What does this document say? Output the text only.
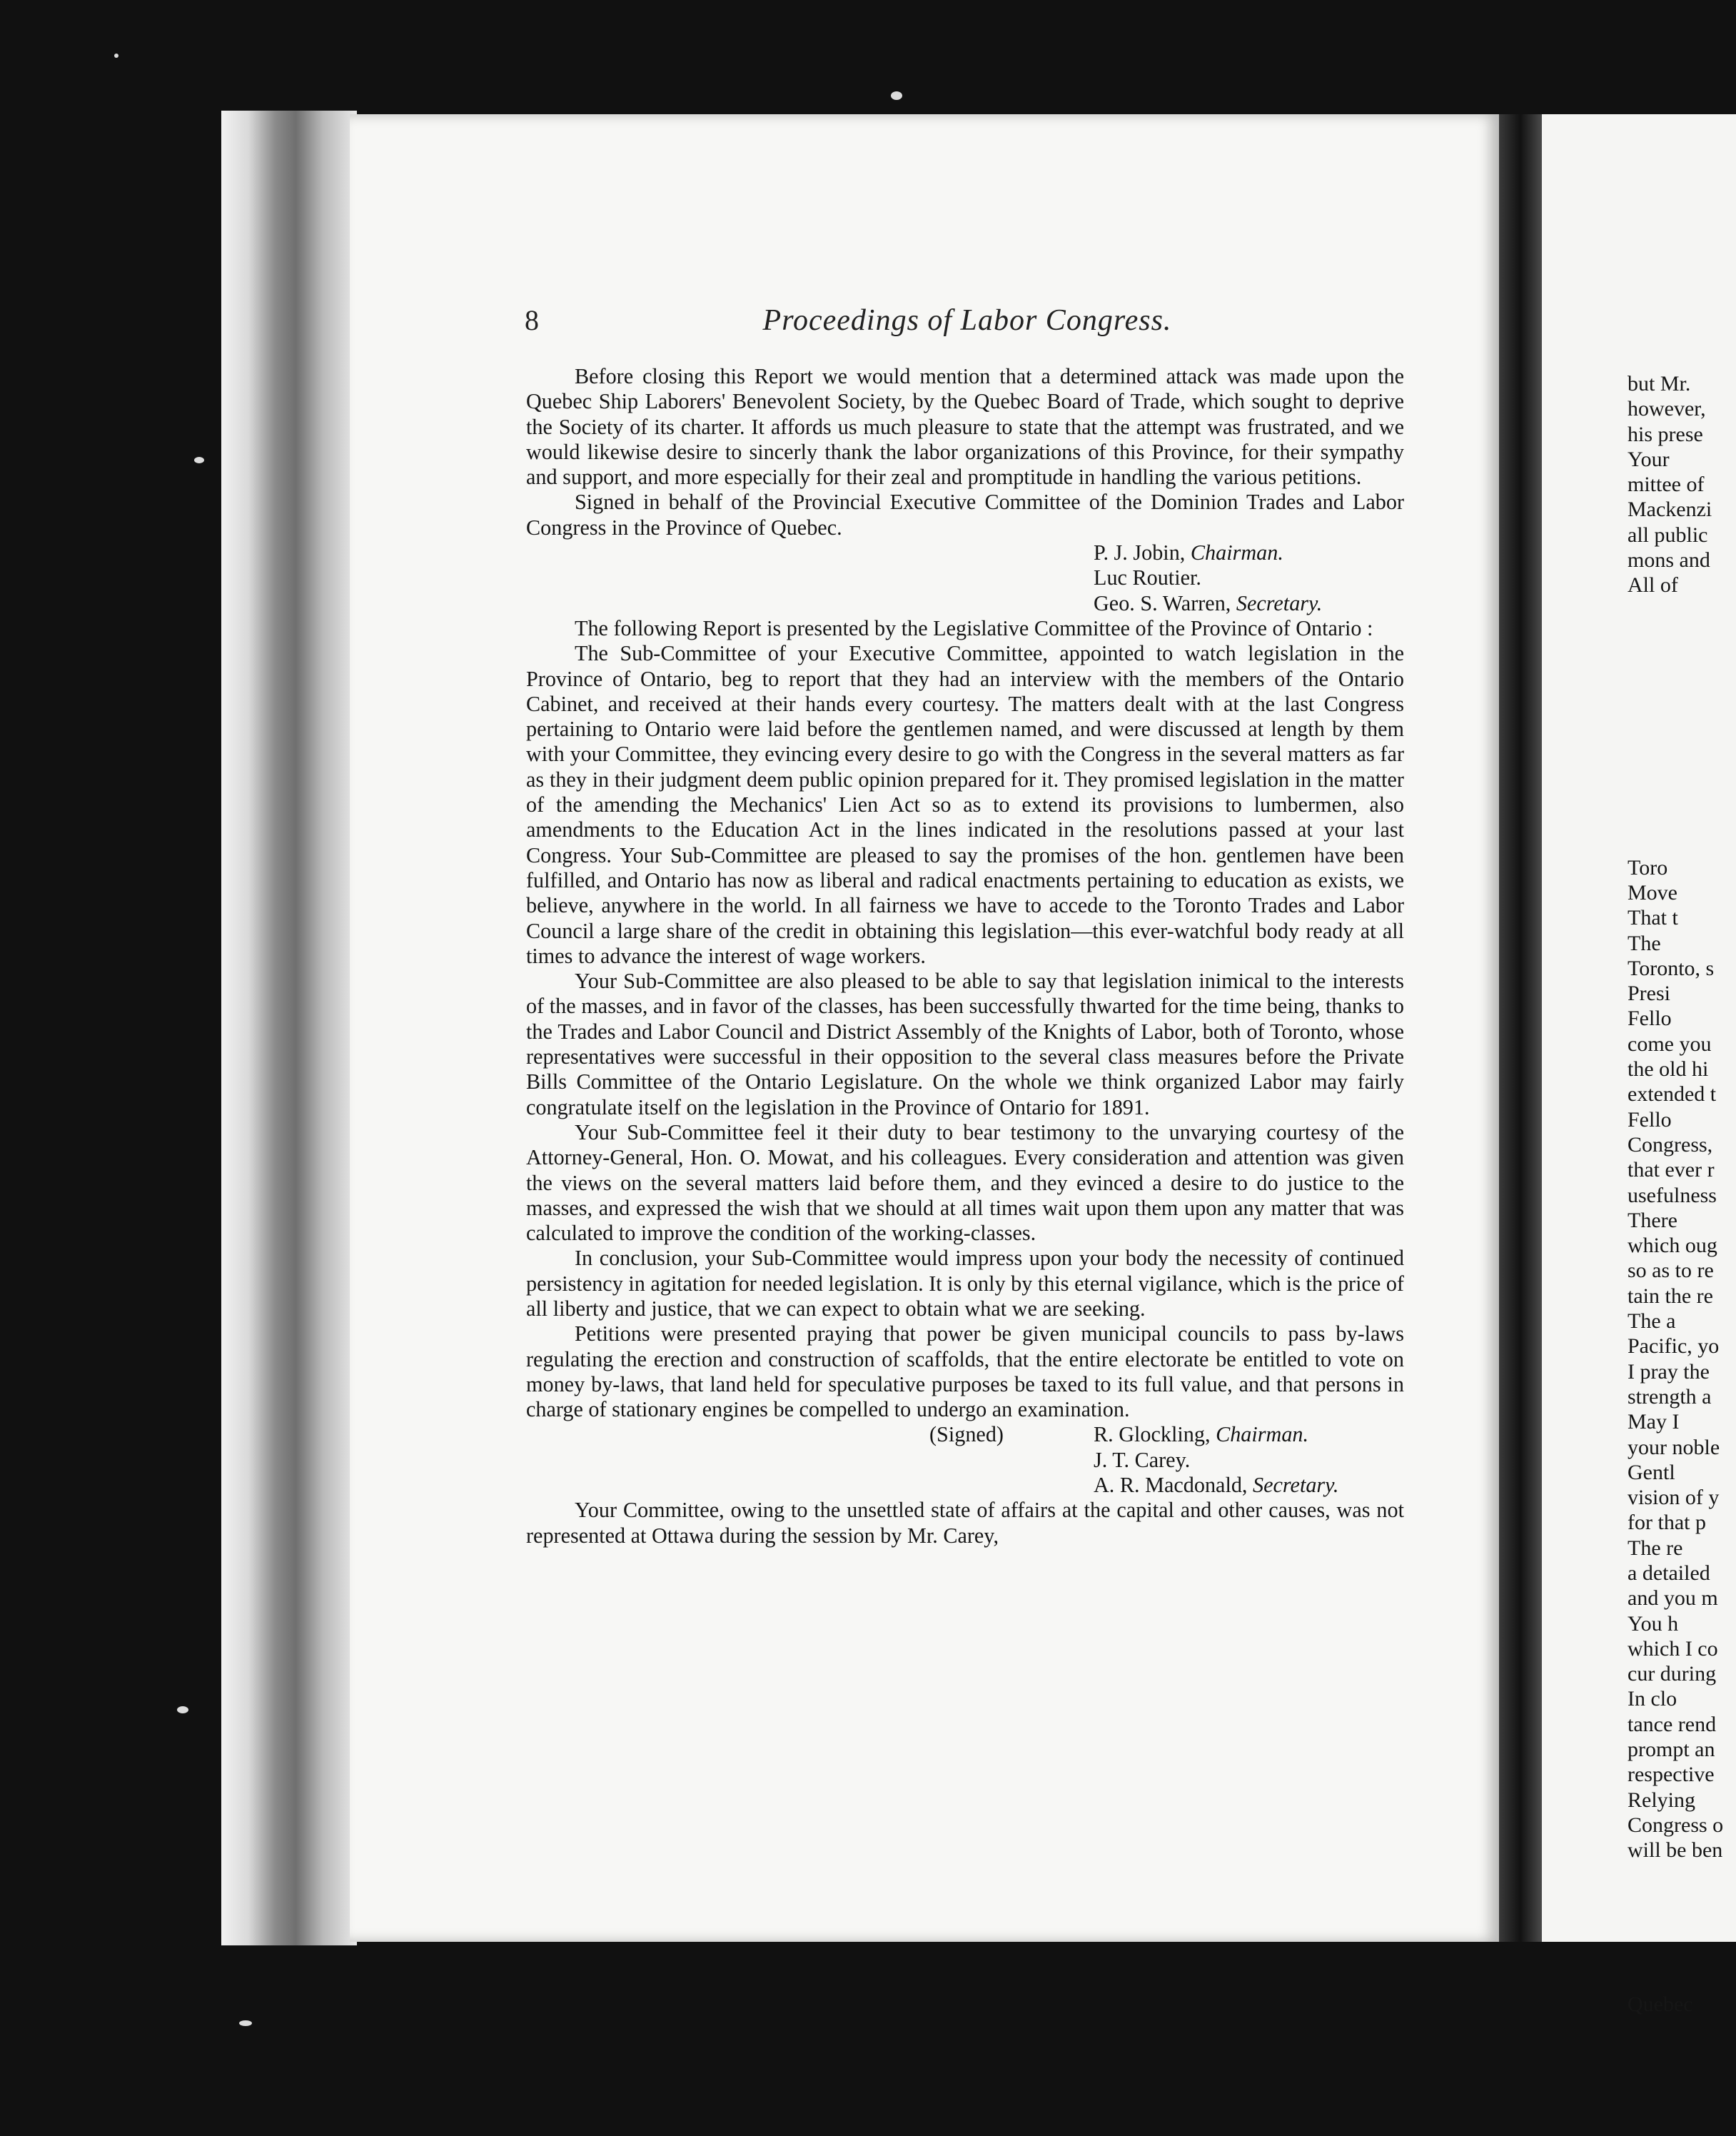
8	Proceedings of Labor Congress.

Before closing this Report we would mention that a determined attack was made upon the Quebec Ship Laborers' Benevolent Society, by the Quebec Board of Trade, which sought to deprive the Society of its charter. It affords us much pleasure to state that the attempt was frustrated, and we would likewise desire to sincerly thank the labor organizations of this Province, for their sympathy and support, and more especially for their zeal and promptitude in handling the various petitions.

Signed in behalf of the Provincial Executive Committee of the Dominion Trades and Labor Congress in the Province of Quebec.

P. J. Jobin, Chairman.
Luc Routier.
Geo. S. Warren, Secretary.

The following Report is presented by the Legislative Committee of the Province of Ontario :

The Sub-Committee of your Executive Committee, appointed to watch legislation in the Province of Ontario, beg to report that they had an interview with the members of the Ontario Cabinet, and received at their hands every courtesy. The matters dealt with at the last Congress pertaining to Ontario were laid before the gentlemen named, and were discussed at length by them with your Committee, they evincing every desire to go with the Congress in the several matters as far as they in their judgment deem public opinion prepared for it. They promised legislation in the matter of the amending the Mechanics' Lien Act so as to extend its provisions to lumbermen, also amendments to the Education Act in the lines indicated in the resolutions passed at your last Congress. Your Sub-Committee are pleased to say the promises of the hon. gentlemen have been fulfilled, and Ontario has now as liberal and radical enactments pertaining to education as exists, we believe, anywhere in the world. In all fairness we have to accede to the Toronto Trades and Labor Council a large share of the credit in obtaining this legislation—this ever-watchful body ready at all times to advance the interest of wage workers.

Your Sub-Committee are also pleased to be able to say that legislation inimical to the interests of the masses, and in favor of the classes, has been successfully thwarted for the time being, thanks to the Trades and Labor Council and District Assembly of the Knights of Labor, both of Toronto, whose representatives were successful in their opposition to the several class measures before the Private Bills Committee of the Ontario Legislature. On the whole we think organized Labor may fairly congratulate itself on the legislation in the Province of Ontario for 1891.

Your Sub-Committee feel it their duty to bear testimony to the unvarying courtesy of the Attorney-General, Hon. O. Mowat, and his colleagues. Every consideration and attention was given the views on the several matters laid before them, and they evinced a desire to do justice to the masses, and expressed the wish that we should at all times wait upon them upon any matter that was calculated to improve the condition of the working-classes.

In conclusion, your Sub-Committee would impress upon your body the necessity of continued persistency in agitation for needed legislation. It is only by this eternal vigilance, which is the price of all liberty and justice, that we can expect to obtain what we are seeking.

Petitions were presented praying that power be given municipal councils to pass by-laws regulating the erection and construction of scaffolds, that the entire electorate be entitled to vote on money by-laws, that land held for speculative purposes be taxed to its full value, and that persons in charge of stationary engines be compelled to undergo an examination.

(Signed)	R. Glockling, Chairman.
J. T. Carey.
A. R. Macdonald, Secretary.

Your Committee, owing to the unsettled state of affairs at the capital and other causes, was not represented at Ottawa during the session by Mr. Carey,

but Mr.
however,
his prese
Your
mittee of
Mackenzi
all public
mons and
All of
Toro
Move
That t
The
Toronto, s
Presi
Fello
come you
the old hi
extended t
Fello
Congress,
that ever r
usefulness
There
which oug
so as to re
tain the re
The a
Pacific, yo
I pray the
strength a
May I
your noble
Gentl
vision of y
for that p
The re
a detailed
and you m
You h
which I co
cur during
In clo
tance rend
prompt an
respective
Relying
Congress o
will be ben
Quebec
